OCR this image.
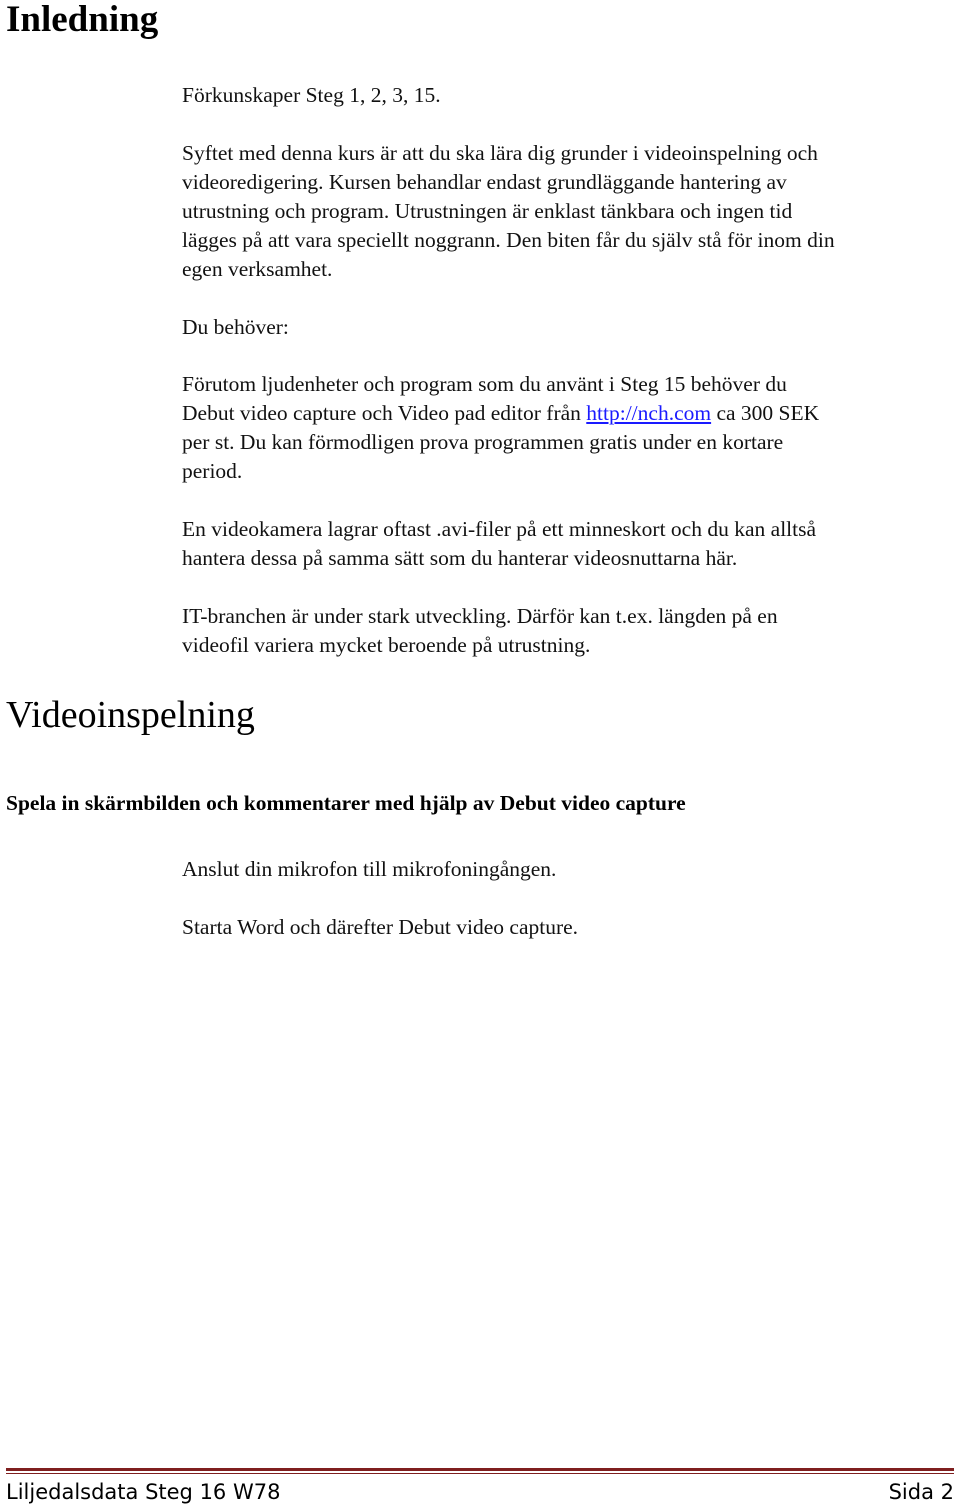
Inledning
Förkunskaper Steg 1, 2, 3, 15.
Syftet med denna kurs är att du ska lära dig grunder i videoinspelning och
videoredigering. Kursen behandlar endast grundläggande hantering av
utrustning och program. Utrustningen är enklast tänkbara och ingen tid
lägges på att vara speciellt noggrann. Den biten får du själv stå för inom din
egen verksamhet.
Du behöver:
Förutom ljudenheter och program som du använt i Steg 15 behöver du
Debut video capture och Video pad editor från http://nch.com ca 300 SEK
per st. Du kan förmodligen prova programmen gratis under en kortare
period.
En videokamera lagrar oftast .avi-filer på ett minneskort och du kan alltså
hantera dessa på samma sätt som du hanterar videosnuttarna här.
IT-branchen är under stark utveckling. Därför kan t.ex. längden på en
videofil variera mycket beroende på utrustning.
Videoinspelning
Spela in skärmbilden och kommentarer med hjälp av Debut video capture
Anslut din mikrofon till mikrofoningången.
Starta Word och därefter Debut video capture.
Liljedalsdata Steg 16 W78	Sida 2
